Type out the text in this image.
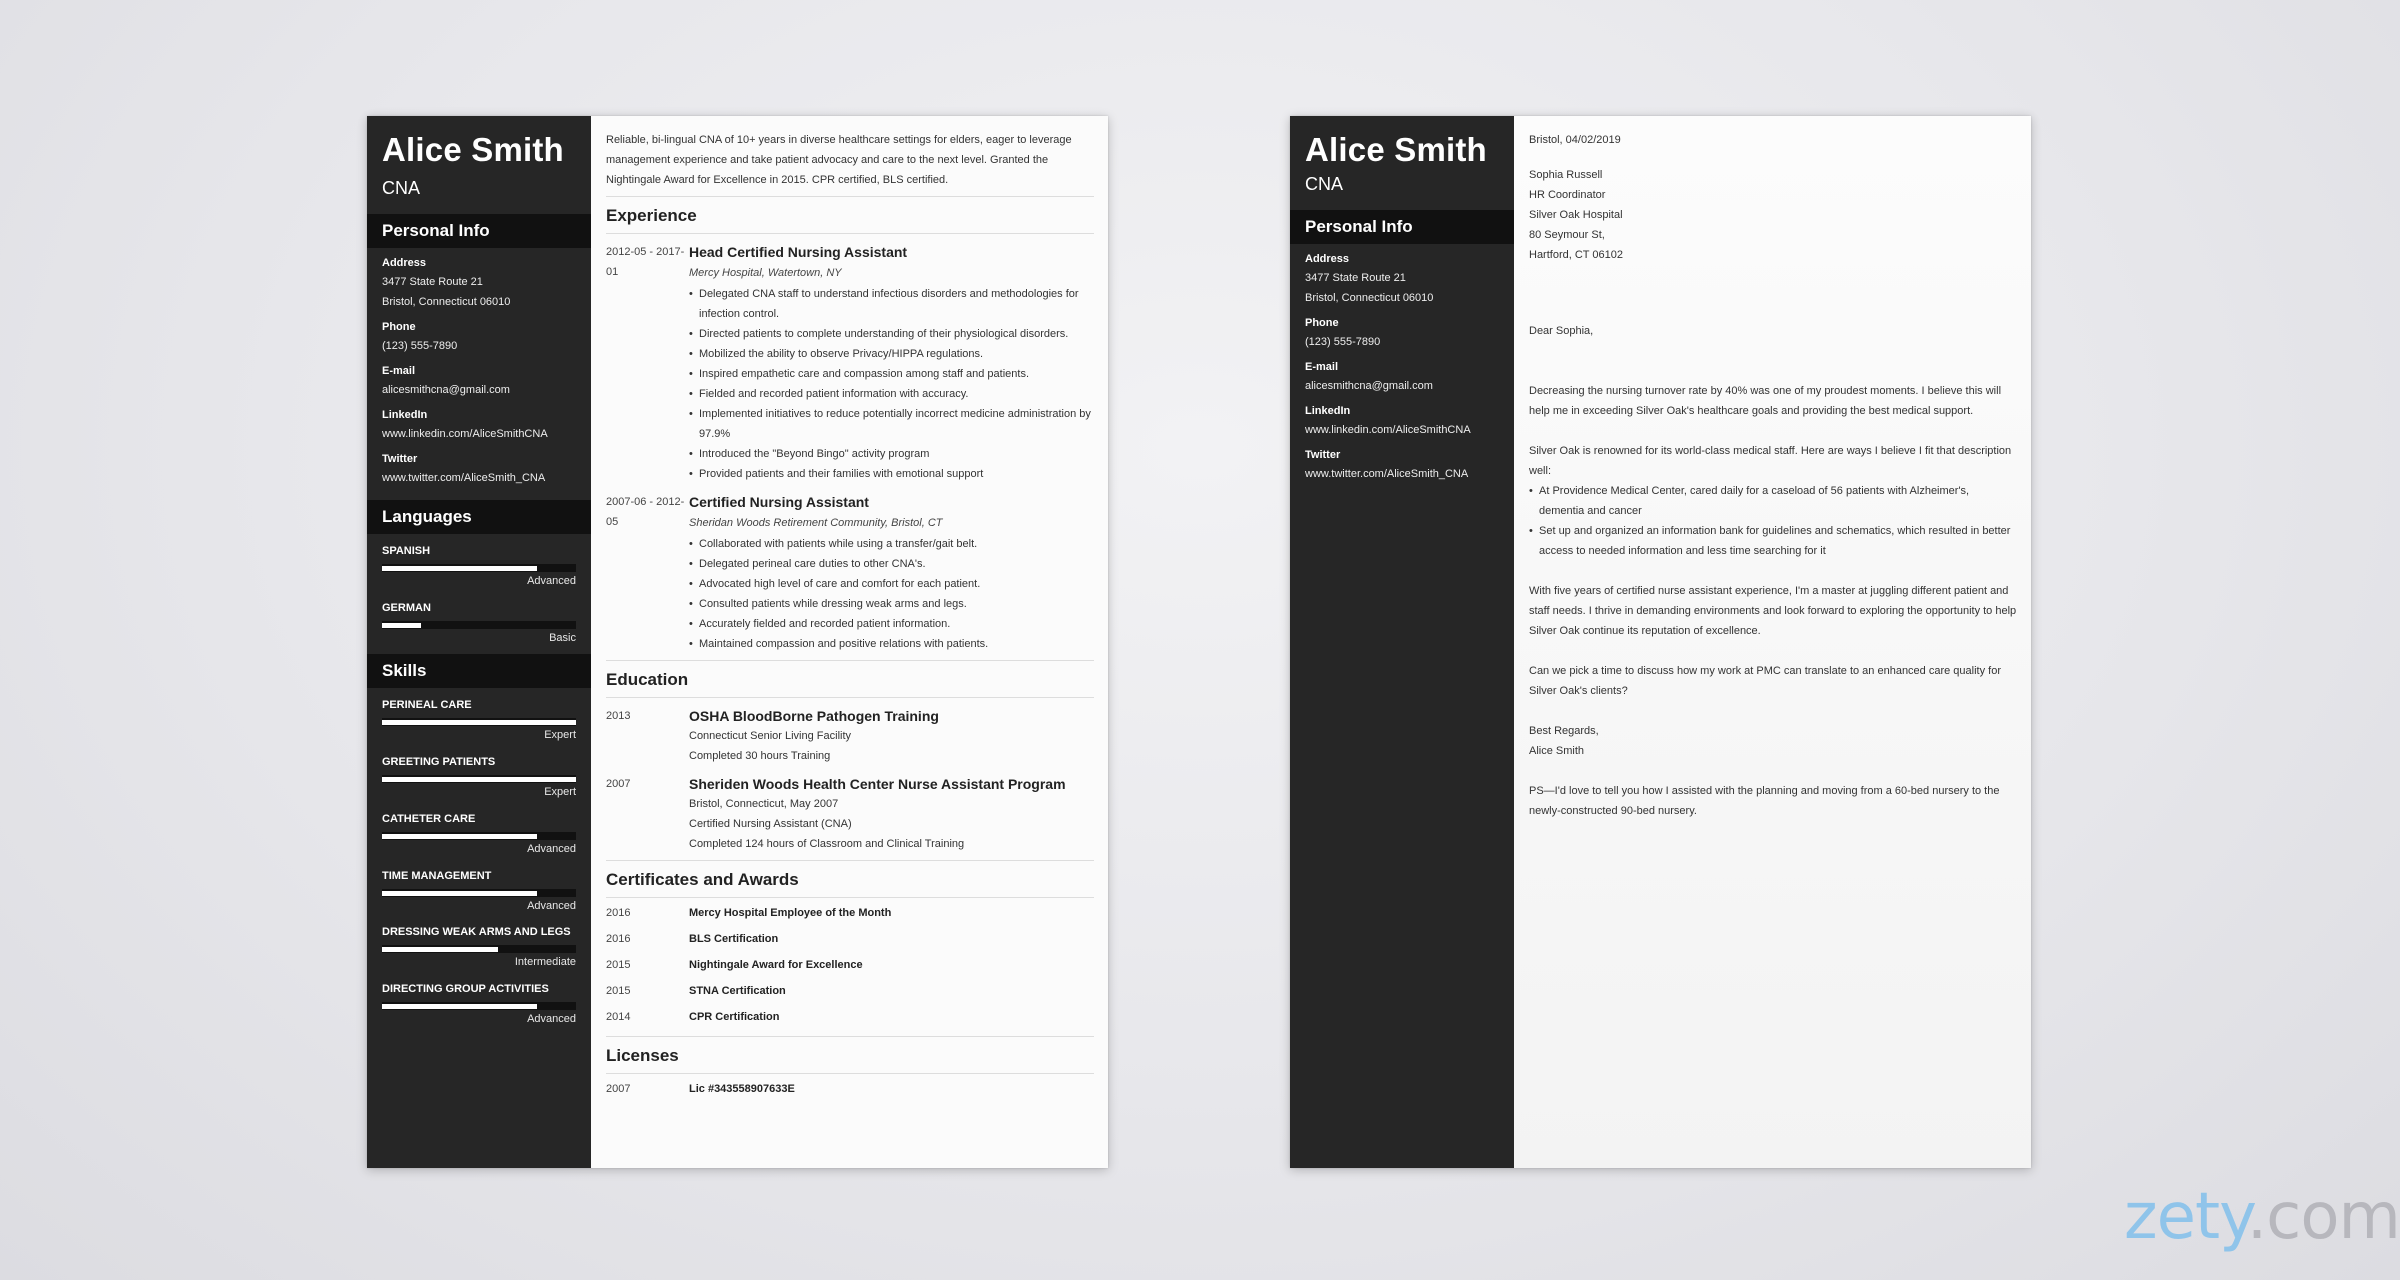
Alice Smith
CNA
Personal Info
Address
3477 State Route 21
Bristol, Connecticut 06010
Phone
(123) 555-7890
E-mail
alicesmithcna@gmail.com
LinkedIn
www.linkedin.com/AliceSmithCNA
Twitter
www.twitter.com/AliceSmith_CNA
Languages
SPANISH
Advanced
GERMAN
Basic
Skills
PERINEAL CARE
Expert
GREETING PATIENTS
Expert
CATHETER CARE
Advanced
TIME MANAGEMENT
Advanced
DRESSING WEAK ARMS AND LEGS
Intermediate
DIRECTING GROUP ACTIVITIES
Advanced
Reliable, bi-lingual CNA of 10+ years in diverse healthcare settings for elders, eager to leverage management experience and take patient advocacy and care to the next level. Granted the Nightingale Award for Excellence in 2015. CPR certified, BLS certified.
Experience
2012-05 - 2017-01
Head Certified Nursing Assistant
Mercy Hospital, Watertown, NY
• Delegated CNA staff to understand infectious disorders and methodologies for infection control.
• Directed patients to complete understanding of their physiological disorders.
• Mobilized the ability to observe Privacy/HIPPA regulations.
• Inspired empathetic care and compassion among staff and patients.
• Fielded and recorded patient information with accuracy.
• Implemented initiatives to reduce potentially incorrect medicine administration by 97.9%
• Introduced the "Beyond Bingo" activity program
• Provided patients and their families with emotional support
2007-06 - 2012-05
Certified Nursing Assistant
Sheridan Woods Retirement Community, Bristol, CT
• Collaborated with patients while using a transfer/gait belt.
• Delegated perineal care duties to other CNA's.
• Advocated high level of care and comfort for each patient.
• Consulted patients while dressing weak arms and legs.
• Accurately fielded and recorded patient information.
• Maintained compassion and positive relations with patients.
Education
2013	OSHA BloodBorne Pathogen Training
Connecticut Senior Living Facility
Completed 30 hours Training
2007	Sheriden Woods Health Center Nurse Assistant Program
Bristol, Connecticut, May 2007
Certified Nursing Assistant (CNA)
Completed 124 hours of Classroom and Clinical Training
Certificates and Awards
2016	Mercy Hospital Employee of the Month
2016	BLS Certification
2015	Nightingale Award for Excellence
2015	STNA Certification
2014	CPR Certification
Licenses
2007	Lic #343558907633E
Alice Smith
CNA
Personal Info
Address
3477 State Route 21
Bristol, Connecticut 06010
Phone
(123) 555-7890
E-mail
alicesmithcna@gmail.com
LinkedIn
www.linkedin.com/AliceSmithCNA
Twitter
www.twitter.com/AliceSmith_CNA
Bristol, 04/02/2019
Sophia Russell
HR Coordinator
Silver Oak Hospital
80 Seymour St,
Hartford, CT 06102
Dear Sophia,
Decreasing the nursing turnover rate by 40% was one of my proudest moments. I believe this will help me in exceeding Silver Oak's healthcare goals and providing the best medical support.
Silver Oak is renowned for its world-class medical staff. Here are ways I believe I fit that description well:
• At Providence Medical Center, cared daily for a caseload of 56 patients with Alzheimer's, dementia and cancer
• Set up and organized an information bank for guidelines and schematics, which resulted in better access to needed information and less time searching for it
With five years of certified nurse assistant experience, I'm a master at juggling different patient and staff needs. I thrive in demanding environments and look forward to exploring the opportunity to help Silver Oak continue its reputation of excellence.
Can we pick a time to discuss how my work at PMC can translate to an enhanced care quality for Silver Oak's clients?
Best Regards,
Alice Smith
PS—I'd love to tell you how I assisted with the planning and moving from a 60-bed nursery to the newly-constructed 90-bed nursery.
zety.com
